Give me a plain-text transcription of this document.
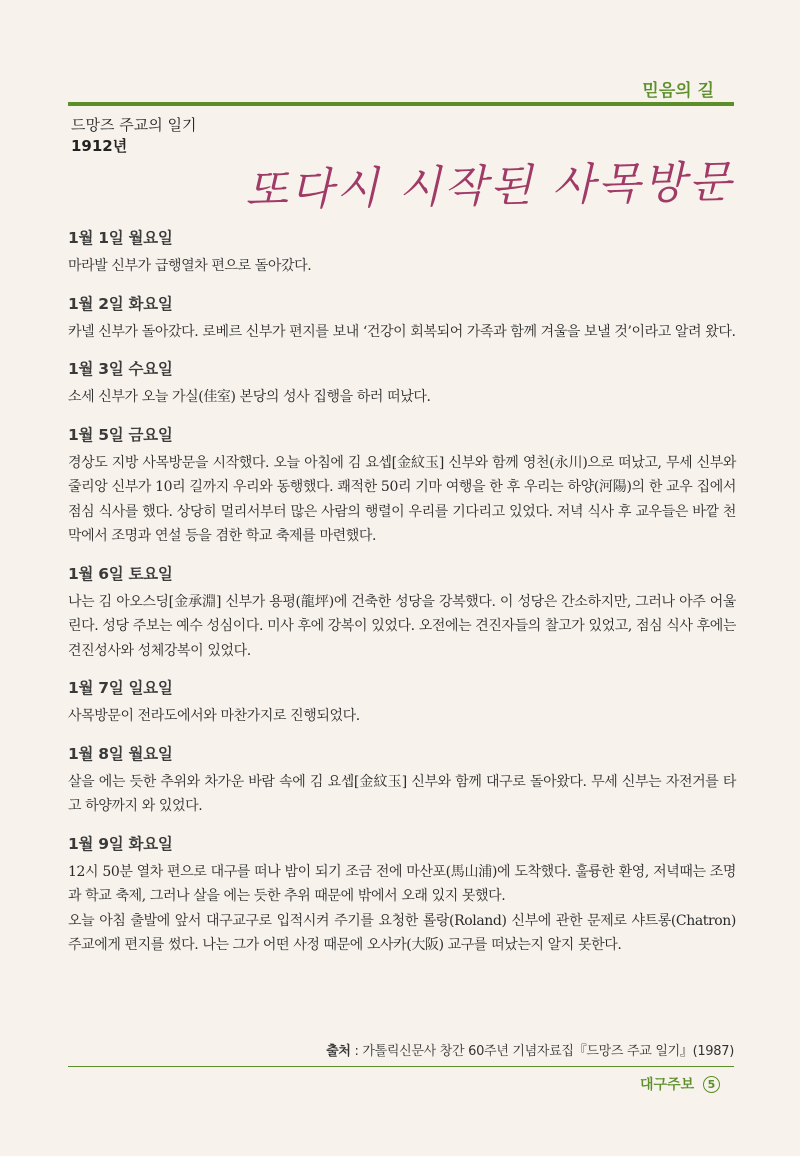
믿음의 길
드망즈 주교의 일기
1912년
또다시 시작된 사목방문
1월 1일 월요일
마라발 신부가 급행열차 편으로 돌아갔다.
1월 2일 화요일
카넬 신부가 돌아갔다. 로베르 신부가 편지를 보내 ‘건강이 회복되어 가족과 함께 겨울을 보낼 것’이라고 알려 왔다.
1월 3일 수요일
소세 신부가 오늘 가실(佳室) 본당의 성사 집행을 하러 떠났다.
1월 5일 금요일
경상도 지방 사목방문을 시작했다. 오늘 아침에 김 요셉[金紋玉] 신부와 함께 영천(永川)으로 떠났고, 무세 신부와 줄리앙 신부가 10리 길까지 우리와 동행했다. 쾌적한 50리 기마 여행을 한 후 우리는 하양(河陽)의 한 교우 집에서 점심 식사를 했다. 상당히 멀리서부터 많은 사람의 행렬이 우리를 기다리고 있었다. 저녁 식사 후 교우들은 바깥 천막에서 조명과 연설 등을 겸한 학교 축제를 마련했다.
1월 6일 토요일
나는 김 아오스딩[金承淵] 신부가 용평(龍坪)에 건축한 성당을 강복했다. 이 성당은 간소하지만, 그러나 아주 어울린다. 성당 주보는 예수 성심이다. 미사 후에 강복이 있었다. 오전에는 견진자들의 찰고가 있었고, 점심 식사 후에는 견진성사와 성체강복이 있었다.
1월 7일 일요일
사목방문이 전라도에서와 마찬가지로 진행되었다.
1월 8일 월요일
살을 에는 듯한 추위와 차가운 바람 속에 김 요셉[金紋玉] 신부와 함께 대구로 돌아왔다. 무세 신부는 자전거를 타고 하양까지 와 있었다.
1월 9일 화요일
12시 50분 열차 편으로 대구를 떠나 밤이 되기 조금 전에 마산포(馬山浦)에 도착했다. 훌륭한 환영, 저녁때는 조명과 학교 축제, 그러나 살을 에는 듯한 추위 때문에 밖에서 오래 있지 못했다.
오늘 아침 출발에 앞서 대구교구로 입적시켜 주기를 요청한 롤랑(Roland) 신부에 관한 문제로 샤트롱(Chatron) 주교에게 편지를 썼다. 나는 그가 어떤 사정 때문에 오사카(大阪) 교구를 떠났는지 알지 못한다.
출처 : 가톨릭신문사 창간 60주년 기념자료집『드망즈 주교 일기』(1987)
대구주보 5
